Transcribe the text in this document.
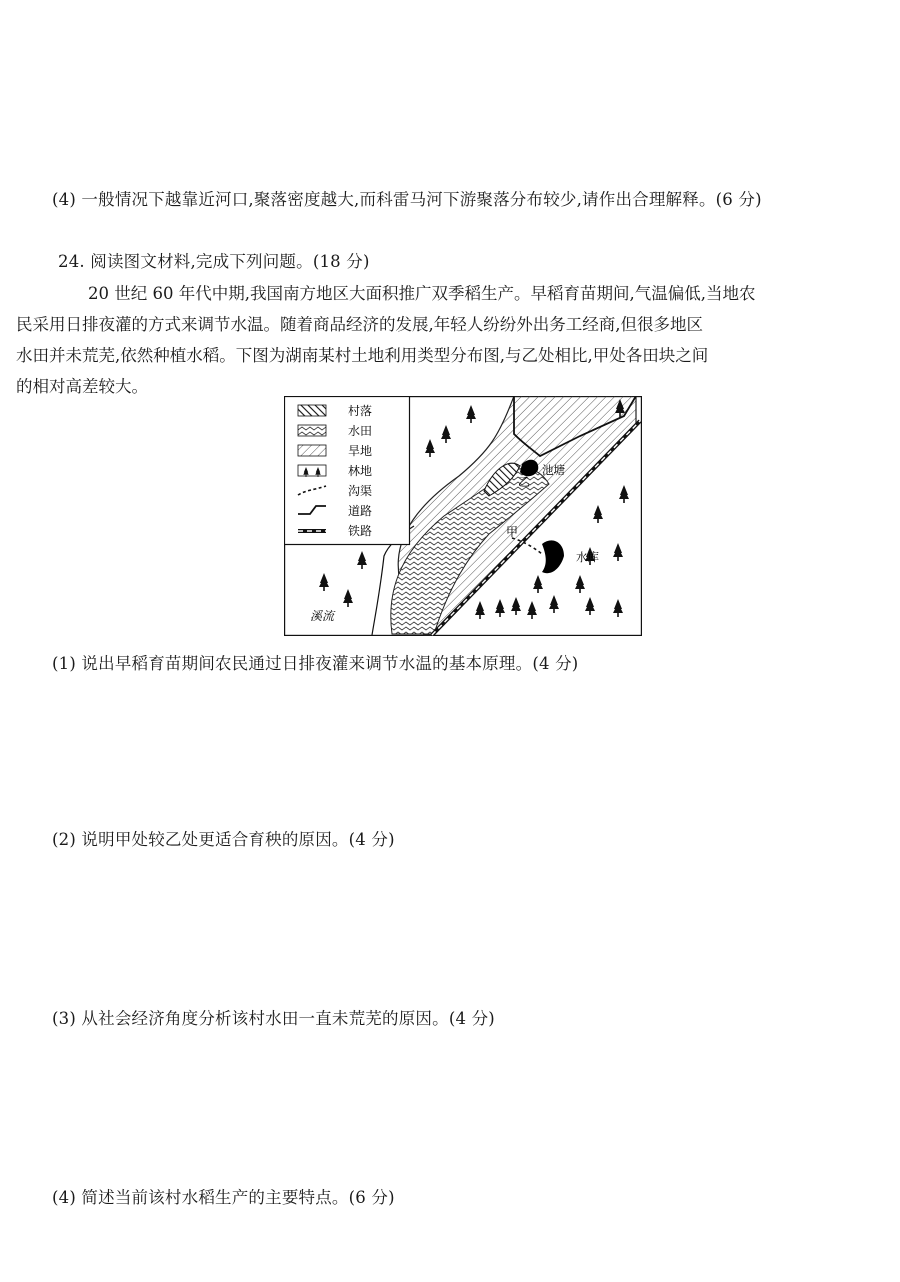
(4) 一般情况下越靠近河口,聚落密度越大,而科雷马河下游聚落分布较少,请作出合理解释。(6 分)
24. 阅读图文材料,完成下列问题。(18 分)
20 世纪 60 年代中期,我国南方地区大面积推广双季稻生产。早稻育苗期间,气温偏低,当地农
民采用日排夜灌的方式来调节水温。随着商品经济的发展,年轻人纷纷外出务工经商,但很多地区
水田并未荒芜,依然种植水稻。下图为湖南某村土地利用类型分布图,与乙处相比,甲处各田块之间
的相对高差较大。
村落
水田
旱地
林地
沟渠
道路
铁路
池塘
水库
溪流
甲
乙
(1) 说出早稻育苗期间农民通过日排夜灌来调节水温的基本原理。(4 分)
(2) 说明甲处较乙处更适合育秧的原因。(4 分)
(3) 从社会经济角度分析该村水田一直未荒芜的原因。(4 分)
(4) 简述当前该村水稻生产的主要特点。(6 分)
